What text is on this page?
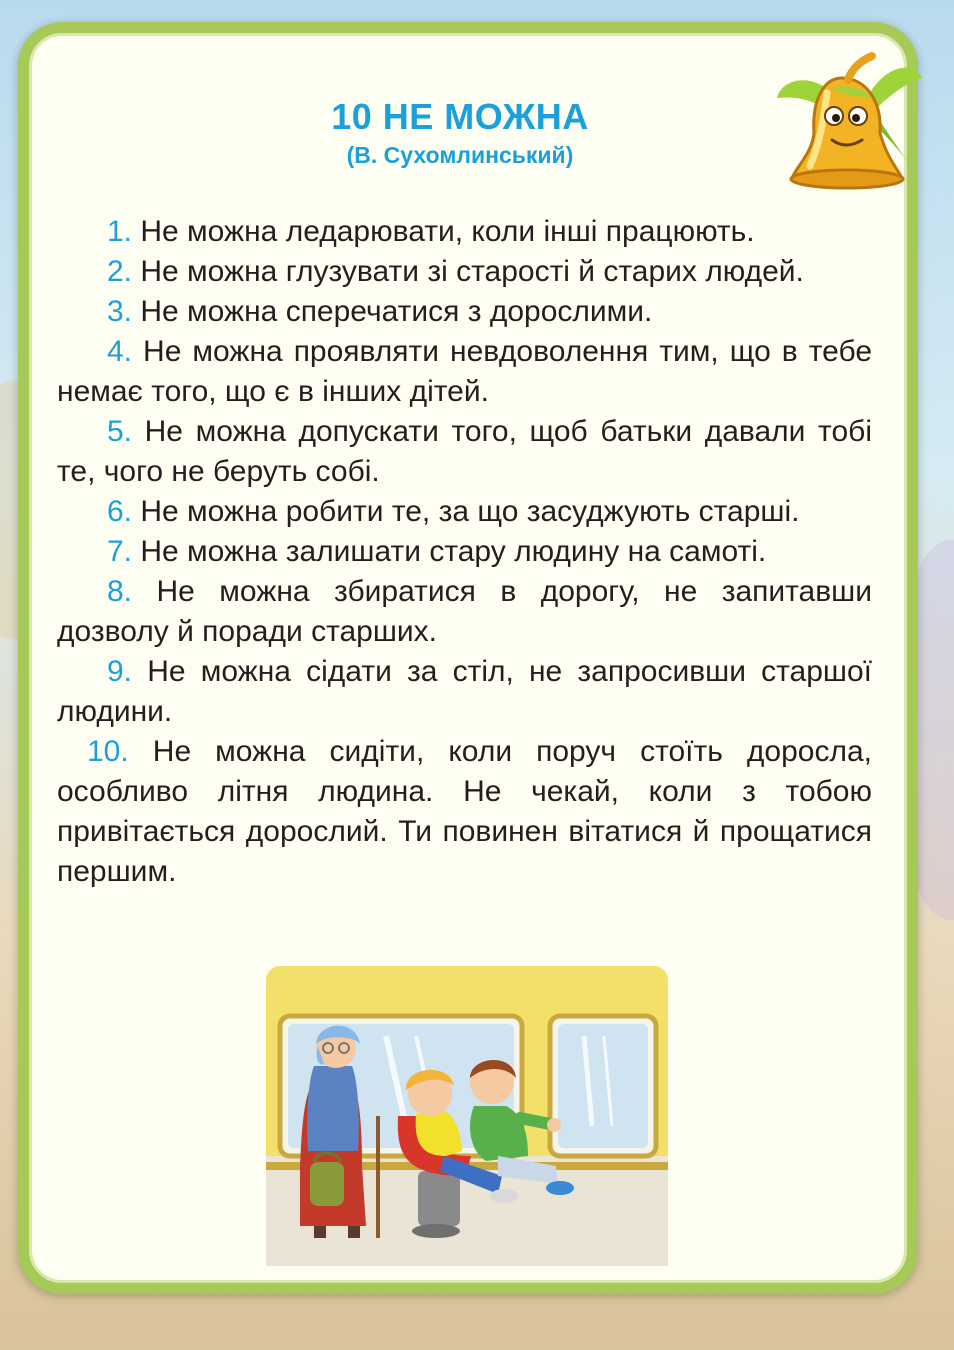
10 НЕ МОЖНА
(В. Сухомлинський)

1. Не можна ледарювати, коли інші працюють.

2. Не можна глузувати зі старості й старих людей.

3. Не можна сперечатися з дорослими.

4. Не можна проявляти невдоволення тим, що в тебе немає того, що є в інших дітей.

5. Не можна допускати того, щоб батьки давали тобі те, чого не беруть собі.

6. Не можна робити те, за що засуджують старші.

7. Не можна залишати стару людину на самоті.

8. Не можна збиратися в дорогу, не запитавши дозволу й поради старших.

9. Не можна сідати за стіл, не запросивши старшої людини.

10. Не можна сидіти, коли поруч стоїть доросла, особливо літня людина. Не чекай, коли з тобою привітається дорослий. Ти повинен вітатися й прощатися першим.
